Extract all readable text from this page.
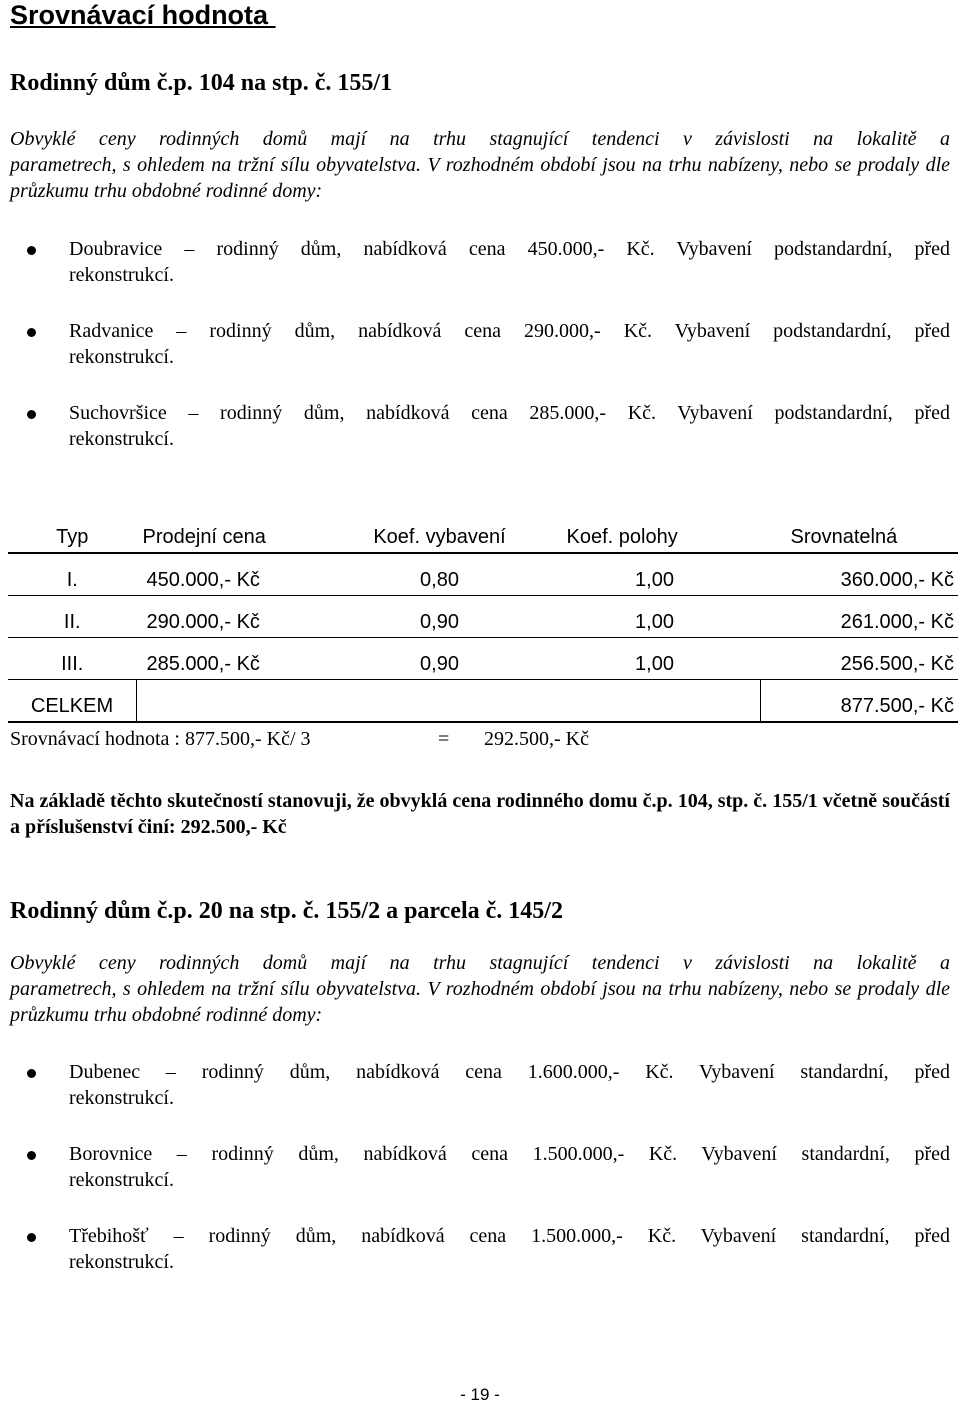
Srovnávací hodnota
Rodinný dům č.p. 104 na stp. č. 155/1
Obvyklé ceny rodinných domů mají na trhu stagnující tendenci v závislosti na lokalitě a
parametrech, s ohledem na tržní sílu obyvatelstva. V rozhodném období jsou na trhu nabízeny, nebo se prodaly dle průzkumu trhu obdobné rodinné domy:
Doubravice – rodinný dům, nabídková cena 450.000,- Kč. Vybavení podstandardní, před
rekonstrukcí.
Radvanice – rodinný dům, nabídková cena 290.000,- Kč. Vybavení podstandardní, před
rekonstrukcí.
Suchovršice – rodinný dům, nabídková cena 285.000,- Kč. Vybavení podstandardní, před
rekonstrukcí.
Typ	Prodejní cena	Koef. vybavení	Koef. polohy	Srovnatelná
I.	450.000,- Kč	0,80	1,00	360.000,- Kč
II.	290.000,- Kč	0,90	1,00	261.000,- Kč
III.	285.000,- Kč	0,90	1,00	256.500,- Kč
CELKEM				877.500,- Kč
Srovnávací hodnota : 877.500,- Kč/ 3	= 292.500,- Kč
Na základě těchto skutečností stanovuji, že obvyklá cena rodinného domu č.p. 104, stp. č. 155/1 včetně součástí a příslušenství činí: 292.500,- Kč
Rodinný dům č.p. 20 na stp. č. 155/2 a parcela č. 145/2
Obvyklé ceny rodinných domů mají na trhu stagnující tendenci v závislosti na lokalitě a
parametrech, s ohledem na tržní sílu obyvatelstva. V rozhodném období jsou na trhu nabízeny, nebo se prodaly dle průzkumu trhu obdobné rodinné domy:
Dubenec – rodinný dům, nabídková cena 1.600.000,- Kč. Vybavení standardní, před
rekonstrukcí.
Borovnice – rodinný dům, nabídková cena 1.500.000,- Kč. Vybavení standardní, před
rekonstrukcí.
Třebihošť – rodinný dům, nabídková cena 1.500.000,- Kč. Vybavení standardní, před
rekonstrukcí.
- 19 -
